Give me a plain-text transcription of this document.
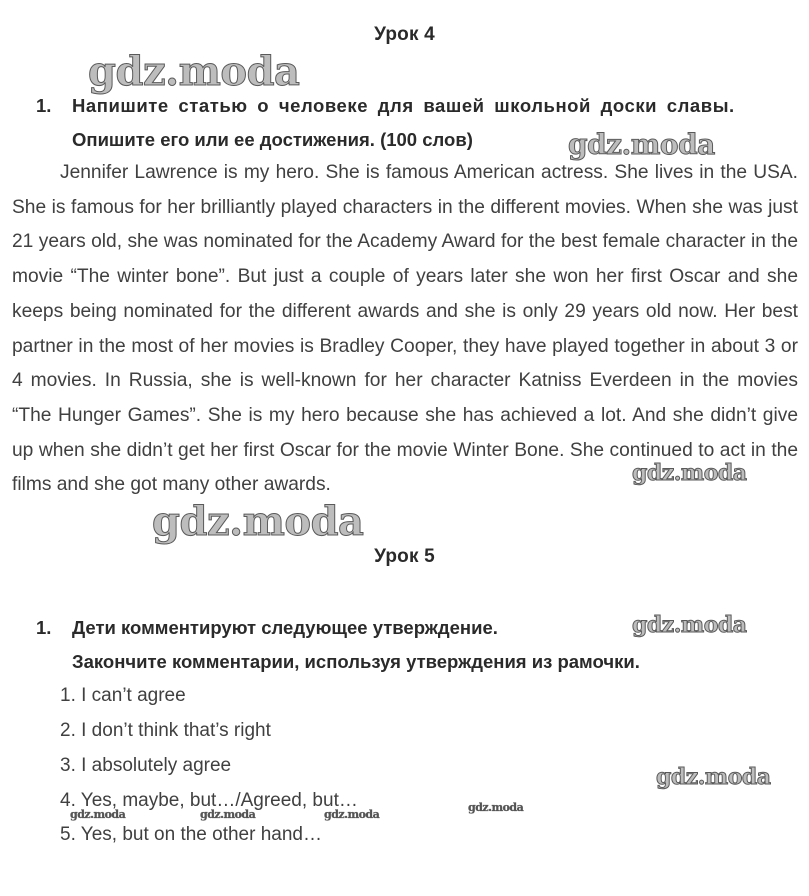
Урок 4
1. Напишите статью о человеке для вашей школьной доски славы.
Опишите его или ее достижения. (100 слов)

Jennifer Lawrence is my hero. She is famous American actress. She lives in the USA. She is famous for her brilliantly played characters in the different movies. When she was just 21 years old, she was nominated for the Academy Award for the best female character in the movie “The winter bone”. But just a couple of years later she won her first Oscar and she keeps being nominated for the different awards and she is only 29 years old now. Her best partner in the most of her movies is Bradley Cooper, they have played together in about 3 or 4 movies. In Russia, she is well-known for her character Katniss Everdeen in the movies “The Hunger Games”. She is my hero because she has achieved a lot. And she didn’t give up when she didn’t get her first Oscar for the movie Winter Bone. She continued to act in the films and she got many other awards.

Урок 5
1. Дети комментируют следующее утверждение.
Закончите комментарии, используя утверждения из рамочки.
1. I can’t agree
2. I don’t think that’s right
3. I absolutely agree
4. Yes, maybe, but…/Agreed, but…
5. Yes, but on the other hand…
gdz.moda
gdz.moda
gdz.moda
gdz.moda
gdz.moda
gdz.moda
gdz.moda	gdz.moda	gdz.moda
gdz.moda
